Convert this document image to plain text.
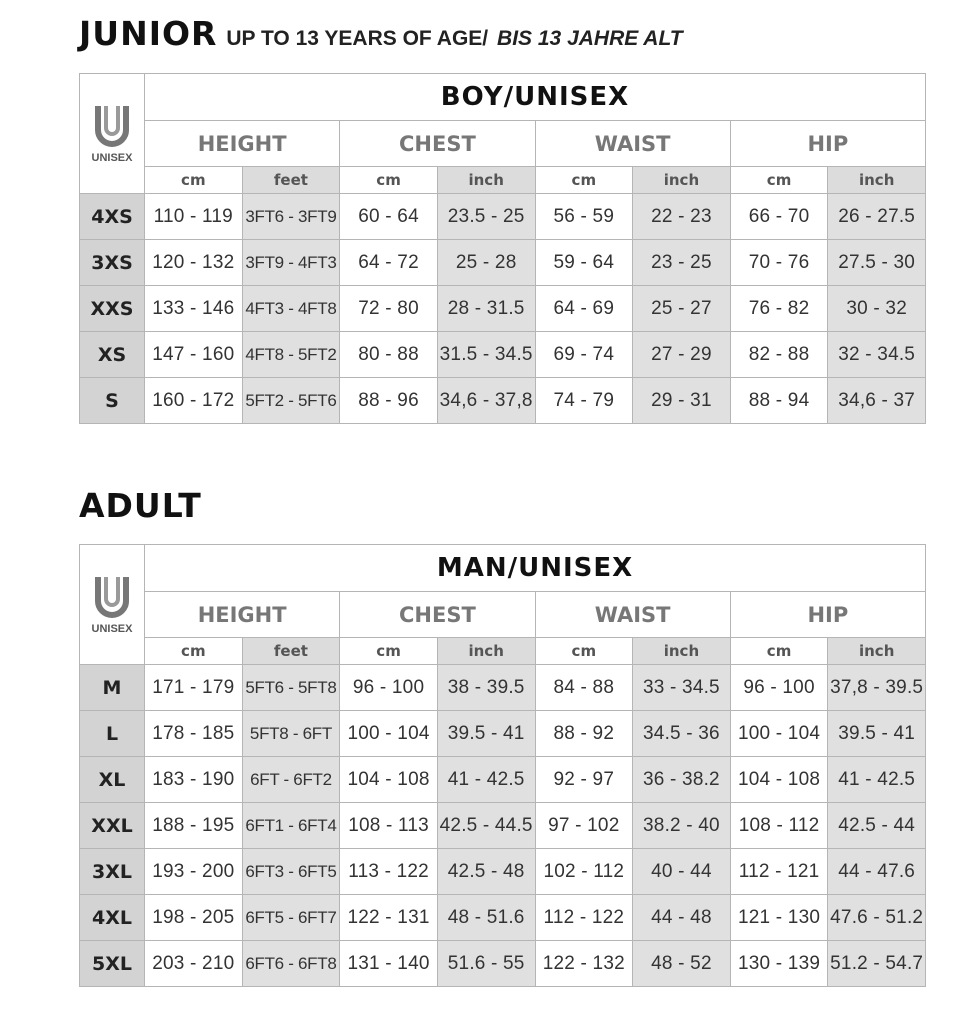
JUNIOR UP TO 13 YEARS OF AGE/ BIS 13 JAHRE ALT
UNISEX	BOY/UNISEX							
	HEIGHT		CHEST		WAIST		HIP	
	cm	feet	cm	inch	cm	inch	cm	inch
4XS	110 - 119	3FT6 - 3FT9	60 - 64	23.5 - 25	56 - 59	22 - 23	66 - 70	26 - 27.5
3XS	120 - 132	3FT9 - 4FT3	64 - 72	25 - 28	59 - 64	23 - 25	70 - 76	27.5 - 30
XXS	133 - 146	4FT3 - 4FT8	72 - 80	28 - 31.5	64 - 69	25 - 27	76 - 82	30 - 32
XS	147 - 160	4FT8 - 5FT2	80 - 88	31.5 - 34.5	69 - 74	27 - 29	82 - 88	32 - 34.5
S	160 - 172	5FT2 - 5FT6	88 - 96	34,6 - 37,8	74 - 79	29 - 31	88 - 94	34,6 - 37
ADULT
UNISEX	MAN/UNISEX							
	HEIGHT		CHEST		WAIST		HIP	
	cm	feet	cm	inch	cm	inch	cm	inch
M	171 - 179	5FT6 - 5FT8	96 - 100	38 - 39.5	84 - 88	33 - 34.5	96 - 100	37,8 - 39.5
L	178 - 185	5FT8 - 6FT	100 - 104	39.5 - 41	88 - 92	34.5 - 36	100 - 104	39.5 - 41
XL	183 - 190	6FT - 6FT2	104 - 108	41 - 42.5	92 - 97	36 - 38.2	104 - 108	41 - 42.5
XXL	188 - 195	6FT1 - 6FT4	108 - 113	42.5 - 44.5	97 - 102	38.2 - 40	108 - 112	42.5 - 44
3XL	193 - 200	6FT3 - 6FT5	113 - 122	42.5 - 48	102 - 112	40 - 44	112 - 121	44 - 47.6
4XL	198 - 205	6FT5 - 6FT7	122 - 131	48 - 51.6	112 - 122	44 - 48	121 - 130	47.6 - 51.2
5XL	203 - 210	6FT6 - 6FT8	131 - 140	51.6 - 55	122 - 132	48 - 52	130 - 139	51.2 - 54.7
